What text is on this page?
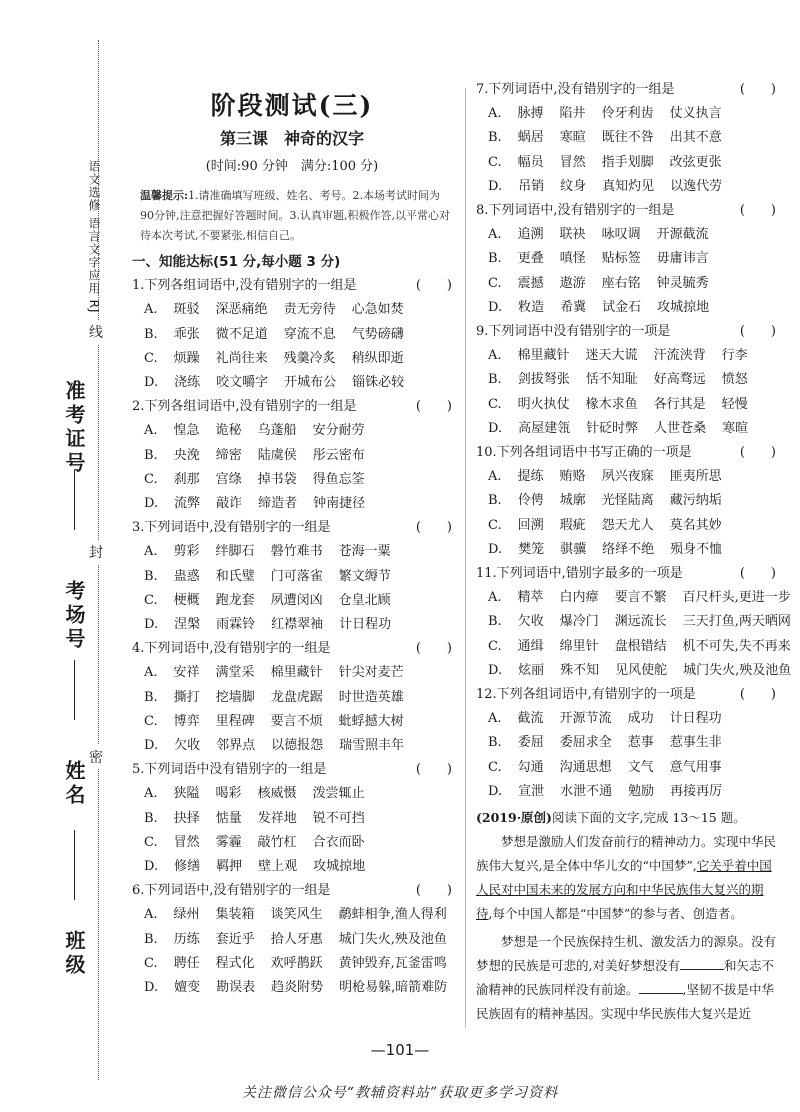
语文选修 语言文字应用 RJ
准考证号
考场号
姓名
班级
线
封
密
阶段测试(三)
第三课　神奇的汉字
(时间:90 分钟　满分:100 分)
温馨提示:1.请准确填写班级、姓名、考号。2.本场考试时间为90分钟,注意把握好答题时间。3.认真审题,积极作答,以平常心对待本次考试,不要紧张,相信自己。
一、知能达标(51 分,每小题 3 分)
1.下列各组词语中,没有错别字的一组是	(　　)
A. 斑驳 深恶痛绝 责无旁待 心急如焚
B. 乖张 微不足道 穿流不息 气势磅礴
C. 烦躁 礼尚往来 残羹冷炙 稍纵即逝
D. 浇练 咬文嚼字 开城布公 锱铢必较
2.下列各组词语中,没有错别字的一组是	(　　)
A. 惶急 诡秘 乌蓬船 安分耐劳
B. 央浼 缔密 陆虞侯 彤云密布
C. 刹那 宫绦 掉书袋 得鱼忘筌
D. 流弊 敲诈 缔造者 钟南捷径
3.下列词语中,没有错别字的一组是	(　　)
A. 剪彩 绊脚石 磐竹难书 苍海一粟
B. 蛊惑 和氏璧 门可落雀 繁文缛节
C. 梗概 跑龙套 夙遭闵凶 仓皇北顾
D. 涅槃 雨霖铃 红襟翠袖 计日程功
4.下列词语中,没有错别字的一组是	(　　)
A. 安祥 满堂采 棉里藏针 针尖对麦芒
B. 撕打 挖墙脚 龙盘虎踞 时世造英雄
C. 博弈 里程碑 要言不烦 蚍蜉撼大树
D. 欠收 邻界点 以德报怨 瑞雪照丰年
5.下列词语中没有错别字的一组是	(　　)
A. 狭隘 喝彩 核威慑 泼尝辄止
B. 抉择 惦量 发祥地 锐不可挡
C. 冒然 雾霾 敲竹杠 合衣而卧
D. 修缮 羁押 壁上观 攻城掠地
6.下列词语中,没有错别字的一组是	(　　)
A. 绿州 集装箱 谈笑风生 鹬蚌相争,渔人得利
B. 历练 套近乎 拾人牙惠 城门失火,殃及池鱼
C. 聘任 程式化 欢呼鹊跃 黄钟毁弃,瓦釜雷鸣
D. 嬗变 勘误表 趋炎附势 明枪易躲,暗箭难防
7.下列词语中,没有错别字的一组是	(　　)
A. 脉搏 陷井 伶牙利齿 仗义执言
B. 蜗居 寒暄 既往不咎 出其不意
C. 幅员 冒然 指手划脚 改弦更张
D. 吊销 纹身 真知灼见 以逸代劳
8.下列词语中,没有错别字的一组是	(　　)
A. 追溯 联袂 咏叹调 开源截流
B. 更叠 嗔怪 贴标签 毋庸讳言
C. 震撼 遨游 座右铭 钟灵毓秀
D. 敉造 希冀 试金石 攻城掠地
9.下列词语中没有错别字的一项是	(　　)
A. 棉里藏针 迷天大谎 汗流浃背 行李
B. 剑拔弩张 恬不知耻 好高骛远 愤怒
C. 明火执仗 椽木求鱼 各行其是 轻慢
D. 高屋建瓴 针砭时弊 人世苍桑 寒暄
10.下列各组词语中书写正确的一项是	(　　)
A. 提练 贿赂 夙兴夜寐 匪夷所思
B. 伶俜 城廓 光怪陆离 藏污纳垢
C. 回溯 瑕疵 怨天尤人 莫名其妙
D. 樊笼 骐骥 络绎不绝 殒身不恤
11.下列词语中,错别字最多的一项是	(　　)
A. 精萃 白内瘴 要言不繁 百尺杆头,更进一步
B. 欠收 爆冷门 渊远流长 三天打鱼,两天晒网
C. 通缉 绵里针 盘根错结 机不可失,失不再来
D. 炫丽 殊不知 见风使舵 城门失火,殃及池鱼
12.下列各组词语中,有错别字的一项是	(　　)
A. 截流 开源节流 成功 计日程功
B. 委屈 委屈求全 惹事 惹事生非
C. 勾通 沟通思想 文气 意气用事
D. 宣泄 水泄不通 勉励 再接再厉
(2019·原创)阅读下面的文字,完成 13～15 题。

梦想是激励人们发奋前行的精神动力。实现中华民族伟大复兴,是全体中华儿女的“中国梦”,它关乎着中国人民对中国未来的发展方向和中华民族伟大复兴的期待,每个中国人都是“中国梦”的参与者、创造者。

梦想是一个民族保持生机、激发活力的源泉。没有梦想的民族是可悲的,对美好梦想没有	和矢志不渝精神的民族同样没有前途。	,坚韧不拔是中华民族固有的精神基因。实现中华民族伟大复兴是近

—101—
关注微信公众号“教辅资料站”获取更多学习资料
